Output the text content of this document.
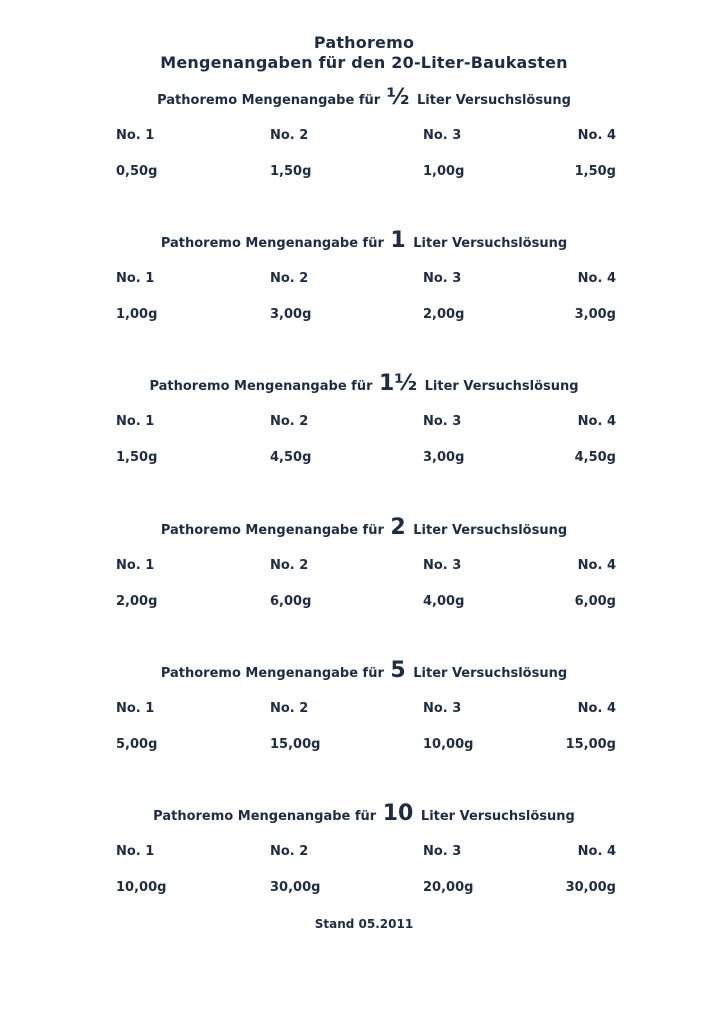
Pathoremo
Mengenangaben für den 20-Liter-Baukasten
Pathoremo Mengenangabe für ½ Liter Versuchslösung
No. 1	No. 2	No. 3	No. 4
0,50g	1,50g	1,00g	1,50g
Pathoremo Mengenangabe für 1 Liter Versuchslösung
No. 1	No. 2	No. 3	No. 4
1,00g	3,00g	2,00g	3,00g
Pathoremo Mengenangabe für 1½ Liter Versuchslösung
No. 1	No. 2	No. 3	No. 4
1,50g	4,50g	3,00g	4,50g
Pathoremo Mengenangabe für 2 Liter Versuchslösung
No. 1	No. 2	No. 3	No. 4
2,00g	6,00g	4,00g	6,00g
Pathoremo Mengenangabe für 5 Liter Versuchslösung
No. 1	No. 2	No. 3	No. 4
5,00g	15,00g	10,00g	15,00g
Pathoremo Mengenangabe für 10 Liter Versuchslösung
No. 1	No. 2	No. 3	No. 4
10,00g	30,00g	20,00g	30,00g
Stand 05.2011
